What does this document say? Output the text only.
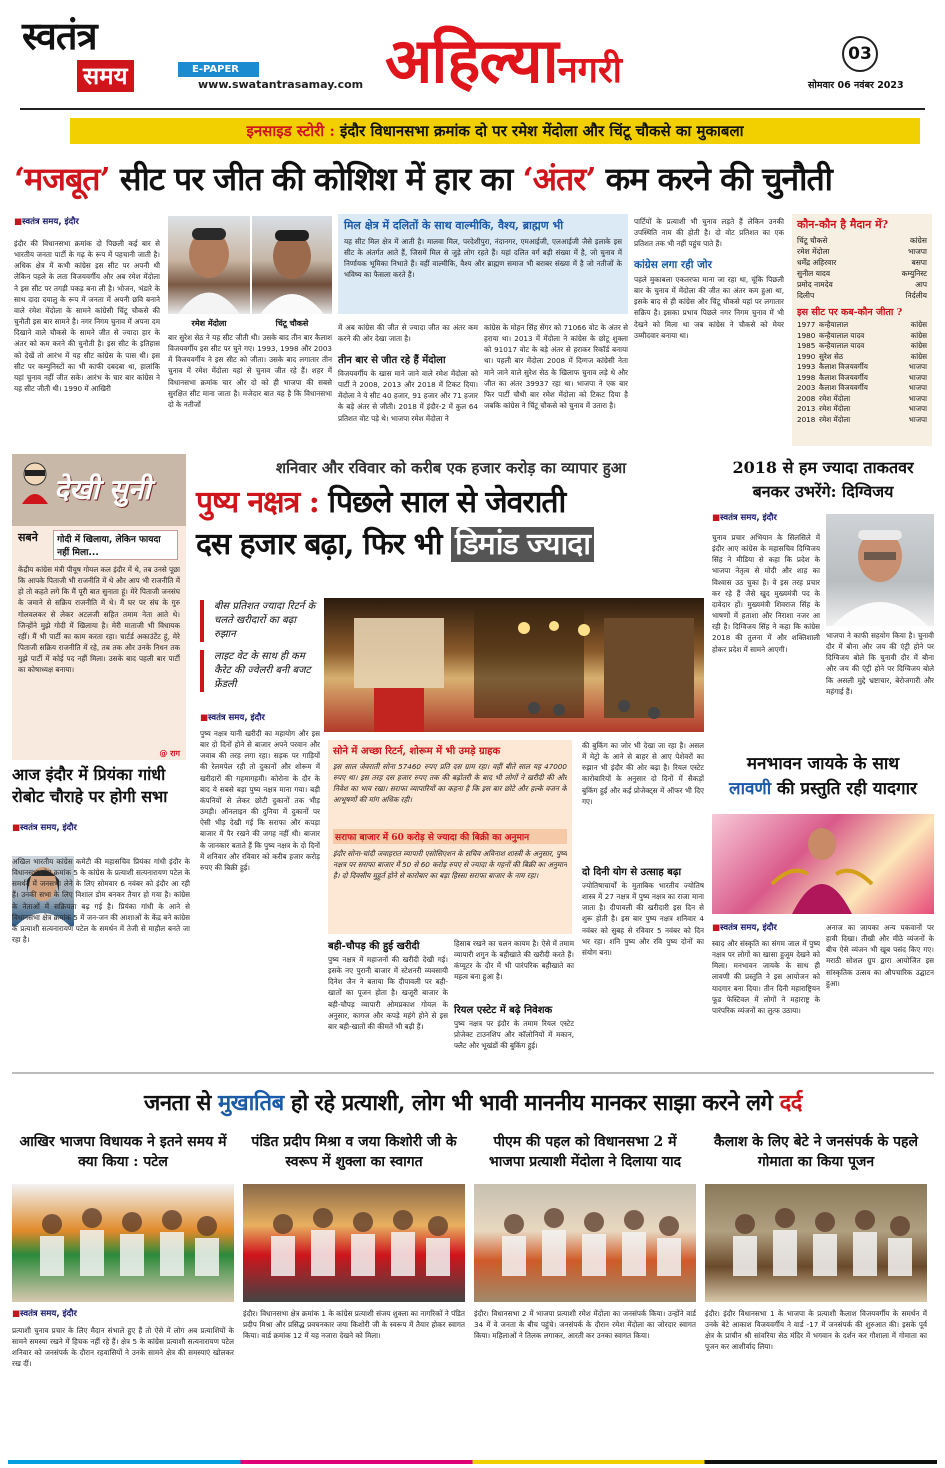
स्वतंत्र
समय	E-PAPER
www.swatantrasamay.com अहिल्यानगरी	03
सोमवार 06 नवंबर 2023
इनसाइड स्टोरी : इंदौर विधानसभा क्रमांक दो पर रमेश मेंदोला और चिंटू चौकसे का मुकाबला
‘मजबूत’ सीट पर जीत की कोशिश में हार का ‘अंतर’ कम करने की चुनौती
■ स्वतंत्र समय, इंदौर
इंदौर की विधानसभा क्रमांक दो पिछली कई बार से भारतीय जनता पार्टी के गढ़ के रूप में पहचानी जाती है। अधिक क्षेत्र में कभी कांग्रेस इस सीट पर अपनी थी लेकिन पहले के लता विजयवर्गीय और अब रमेश मेंदोला ने इस सीट पर तगड़ी पकड़ बना ली है। भोजन, भंडारे के साथ दादा दयालु के रूप में जनता में अपनी छवि बनाने वाले रमेश मेंदोला के सामने कांग्रेसी चिंटू चौकसे की चुनौती इस बार सामने है। नगर निगम चुनाव में अपना दम दिखाने वाले चौकसे के सामने जीत से ज्यादा हार के अंतर को कम करने की चुनौती है। इस सीट के इतिहास को देखें तो आरंभ में यह सीट कांग्रेस के पास थी। इस सीट पर कम्युनिस्टों का भी काफी दबदबा था, हालांकि यहां चुनाव नहीं जीत सके। आरंभ के चार बार कांग्रेस ने यह सीट जीती थी। 1990 में आखिरी
रमेश मेंदोला	चिंटू चौकसे
बार सुरेश सेठ ने यह सीट जीती थी। उसके बाद तीन बार कैलाश विजयवर्गीय इस सीट पर चुने गए। 1993, 1998 और 2003 में विजयवर्गीय ने इस सीट को जीता। उसके बाद लगातार तीन चुनाव में रमेश मेंदोला यहां से चुनाव जीत रहे हैं। शहर में विधानसभा क्रमांक चार और दो को ही भाजपा की सबसे सुरक्षित सीट माना जाता है। मजेदार बात यह है कि विधानसभा दो के नतीजों
मिल क्षेत्र में दलितों के साथ वाल्मीकि, वैश्य, ब्राह्मण भी
यह सीट मिल क्षेत्र में आती है। मालवा मिल, परदेशीपुरा, नंदानगर, एमआईजी, एलआईजी जैसे इलाके इस सीट के अंतर्गत आते हैं, जिसमें मिल से जुड़े लोग रहते हैं। यहां दलित वर्ग बड़ी संख्या में है, जो चुनाव में निर्णायक भूमिका निभाते हैं। वहीं वाल्मीकि, वैश्य और ब्राह्मण समाज भी बराबर संख्या में है जो नतीजों के भविष्य का फैसला करते हैं।
में अब कांग्रेस की जीत से ज्यादा जीत का अंतर कम करने की ओर देखा जाता है।
तीन बार से जीत रहे हैं मेंदोला
विजयवर्गीय के खास माने जाने वाले रमेश मेंदोला को पार्टी ने 2008, 2013 और 2018 में टिकट दिया। मेंदोला ने ये सीट 40 हजार, 91 हजार और 71 हजार के बड़े अंतर से जीती। 2018 में इंदौर-2 में कुल 64 प्रतिशत वोट पड़े थे। भाजपा रमेश मेंदोला ने
कांग्रेस के मोहन सिंह सेंगर को 71066 वोट के अंतर से हराया था। 2013 में मेंदोला ने कांग्रेस के छोटू शुक्ला को 91017 वोट के बड़े अंतर से हराकर रिकॉर्ड बनाया था। पहली बार मेंदोला 2008 में दिग्गज कांग्रेसी नेता माने जाने वाले सुरेश सेठ के खिलाफ चुनाव लड़े थे और जीत का अंतर 39937 रहा था। भाजपा ने एक बार फिर पार्टी चौथी बार रमेश मेंदोला को टिकट दिया है जबकि कांग्रेस ने चिंटू चौकसे को चुनाव में उतारा है।
पार्टियों के प्रत्याशी भी चुनाव लड़ते हैं लेकिन उनकी उपस्थिति नाम की होती है। दो वोट प्रतिशत का एक प्रतिशत तक भी नहीं पहुंच पाते हैं।
कांग्रेस लगा रही जोर
पहले मुकाबला एकतरफा माना जा रहा था, चूंकि पिछली बार के चुनाव में मेंदोला की जीत का अंतर कम हुआ था, इसके बाद से ही कांग्रेस और चिंटू चौकसे यहां पर लगातार सक्रिय है। इसका प्रभाव पिछले नगर निगम चुनाव में भी देखने को मिला था जब कांग्रेस ने चौकसे को मेयर उम्मीदवार बनाया था।
कौन-कौन है मैदान में?
चिंटू चौकसे	कांग्रेस
रमेश मेंदोला	भाजपा
धर्मेंद्र अहिरवार	बसपा
सुनील यादव	कम्युनिस्ट
प्रमोद नामदेव	आप
दिलीप	निर्दलीय
इस सीट पर कब-कौन जीता ?
1977 कन्हैयालाल	कांग्रेस
1980 कन्हैयालाल यादव	कांग्रेस
1985 कन्हैयालाल यादव	कांग्रेस
1990 सुरेश सेठ	कांग्रेस
1993 कैलाश विजयवर्गीय	भाजपा
1998 कैलाश विजयवर्गीय	भाजपा
2003 कैलाश विजयवर्गीय	भाजपा
2008 रमेश मेंदोला	भाजपा
2013 रमेश मेंदोला	भाजपा
2018 रमेश मेंदोला	भाजपा
देखी सुनी
सबने गोदी में खिलाया, लेकिन फायदा नहीं मिला...
केंद्रीय कांग्रेस मंत्री पीयूष गोयल कल इंदौर में थे, तब उनसे पूछा कि आपके पिताजी भी राजनीति में थे और आप भी राजनीति में हो तो कहते लगे कि मैं पूरी बात सुनाता हूं। मेरे पिताजी जनसंघ के जमाने से सक्रिय राजनीति में थे। मैं घर पर संघ के गुरु गोलवलकर से लेकर अटलजी सहित तमाम नेता आते थे। जिन्होंने मुझे गोदी में खिलाया है। मेरी माताजी भी विधायक रहीं। मैं भी पार्टी का काम करता रहा। चार्टर्ड अकाउंटेंट हूं, मेरे पिताजी सक्रिय राजनीति में रहे, तब तक और उनके निधन तक मुझे पार्टी में कोई पद नहीं मिला। उसके बाद पहली बार पार्टी का कोषाध्यक्ष बनाया।
@ राग
आज इंदौर में प्रियंका गांधी रोबोट चौराहे पर होगी सभा
■ स्वतंत्र समय, इंदौर
अखिल भारतीय कांग्रेस कमेटी की महासचिव प्रियंका गांधी इंदौर के विधानसभा क्षेत्र क्रमांक 5 के कांग्रेस के प्रत्याशी सत्यनारायण पटेल के समर्थन में जनसभा लेने के लिए सोमवार 6 नवंबर को इंदौर आ रही हैं। उनकी सभा के लिए विशाल डोम बनकर तैयार हो गया है। कांग्रेस के नेताओं में सक्रियता बढ़ गई है। प्रियंका गांधी के आने से विधानसभा क्षेत्र क्रमांक 5 में जन-जन की आशाओं के केंद्र बने कांग्रेस के प्रत्याशी सत्यनारायण पटेल के समर्थन में तेजी से माहौल बनते जा रहा है।
शनिवार और रविवार को करीब एक हजार करोड़ का व्यापार हुआ
पुष्य नक्षत्र : पिछले साल से जेवराती
दस हजार बढ़ा, फिर भी डिमांड ज्यादा
बीस प्रतिशत ज्यादा रिटर्न के चलते खरीदारों का बढ़ा रुझान
लाइट वेट के साथ ही कम कैरेट की ज्वेलरी बनी बजट फ्रेंडली
■ स्वतंत्र समय, इंदौर
पुष्य नक्षत्र यानी खरीदी का महायोग और इस बार दो दिनों होने से बाजार अपने परवान और जवाब की तरह लगा रहा। सड़क पर गाड़ियों की रेलमपेल रही तो दुकानों और शोरूम में खरीदारों की गहमागहमी। कोरोना के दौर के बाद ये सबसे बड़ा पुष्य नक्षत्र माना गया। बड़ी कंपनियों से लेकर छोटी दुकानों तक भीड़ उमड़ी। ऑनलाइन की दुनिया में दुकानों पर ऐसी भीड़ देखी गई कि सराफा और कपड़ा बाजार में पैर रखने की जगह नहीं थी। बाजार के जानकार बताते हैं कि पुष्य नक्षत्र के दो दिनों में शनिवार और रविवार को करीब हजार करोड़ रुपए की बिक्री हुई।
सोने में अच्छा रिटर्न, शोरूम में भी उमड़े ग्राहक
इस साल जेवराती सोना 57460 रुपए प्रति दस ग्राम रहा। वहीं बीते साल यह 47000 रुपए था। इस तरह दस हजार रुपए तक की बढ़ोतरी के बाद भी लोगों ने खरीदी की और निवेश का भाव रखा। सराफा व्यापारियों का कहना है कि इस बार छोटे और हल्के वजन के आभूषणों की मांग अधिक रही।
सराफा बाजार में 60 करोड़ से ज्यादा की बिक्री का अनुमान
इंदौर सोना-चांदी जवाहरात व्यापारी एसोसिएशन के सचिव अविनाश शास्त्री के अनुसार, पुष्य नक्षत्र पर सराफा बाजार में 50 से 60 करोड़ रुपए से ज्यादा के गहनों की बिक्री का अनुमान है। दो दिवसीय मुहूर्त होने से कारोबार का बड़ा हिस्सा सराफा बाजार के नाम रहा।
की बुकिंग का जोर भी देखा जा रहा है। असल में मेट्रो के आने से बाहर से आए पेशेवरों का रुझान भी इंदौर की ओर बढ़ा है। रियल एस्टेट कारोबारियों के अनुसार दो दिनों में सैकड़ों बुकिंग हुईं और कई प्रोजेक्ट्स में ऑफर भी दिए गए।
दो दिनी योग से उत्साह बढ़ा
ज्योतिषाचार्यों के मुताबिक भारतीय ज्योतिष शास्त्र में 27 नक्षत्र में पुष्य नक्षत्र का राजा माना जाता है। दीपावली की खरीदारी इस दिन से शुरू होती है। इस बार पुष्य नक्षत्र शनिवार 4 नवंबर को सुबह से रविवार 5 नवंबर को दिन भर रहा। शनि पुष्य और रवि पुष्य दोनों का संयोग बना।
बही-चौपड़ की हुई खरीदी
पुष्य नक्षत्र में महाजनों की खरीदी देखी गई। इसके नए पुरानी बाजार में स्टेशनरी व्यवसायी दिनेश जैन ने बताया कि दीपावली पर बही-खातों का पूजन होता है। खजूरी बाजार के बही-चौपड़ व्यापारी ओमप्रकाश गोयल के अनुसार, कागज और कपड़े महंगे होने से इस बार बही-खातों की कीमतें भी बढ़ी हैं।
हिसाब रखने का चलन कायम है। ऐसे में तमाम व्यापारी शगुन के बहीखाते की खरीदी करते हैं। कंप्यूटर के दौर में भी पारंपरिक बहीखाते का महत्व बना हुआ है।
रियल एस्टेट में बढ़े निवेशक
पुष्य नक्षत्र पर इंदौर के तमाम रियल एस्टेट प्रोजेक्ट टाउनशिप और कॉलोनियों में मकान, फ्लैट और भूखंडों की बुकिंग हुई।
2018 से हम ज्यादा ताकतवर बनकर उभरेंगे: दिग्विजय
■ स्वतंत्र समय, इंदौर
चुनाव प्रचार अभियान के सिलसिले में इंदौर आए कांग्रेस के महासचिव दिग्विजय सिंह ने मीडिया से कहा कि प्रदेश के भाजपा नेतृत्व से मोदी और शाह का विश्वास उठ चुका है। वे इस तरह प्रचार कर रहे हैं जैसे खुद मुख्यमंत्री पद के दावेदार हों। मुख्यमंत्री शिवराज सिंह के भाषणों में हताशा और निराशा नजर आ रही है। दिग्विजय सिंह ने कहा कि कांग्रेस 2018 की तुलना में और शक्तिशाली होकर प्रदेश में सामने आएगी।
भाजपा ने काफी सहयोग किया है। चुनावी दौर में बौना और जय की एंट्री होने पर दिग्विजय बोले कि चुनावी दौर में बौना और जय की एंट्री होने पर दिग्विजय बोले कि असली मुद्दे भ्रष्टाचार, बेरोजगारी और महंगाई हैं।
मनभावन जायके के साथ
लावणी की प्रस्तुति रही यादगार
■ स्वतंत्र समय, इंदौर
स्वाद और संस्कृति का संगम जाल में पुष्य नक्षत्र पर लोगों का खासा हुजूम देखने को मिला। मनभावन जायके के साथ ही लावणी की प्रस्तुति ने इस आयोजन को यादगार बना दिया। तीन दिनी महाराष्ट्रियन फूड फेस्टिवल में लोगों ने महाराष्ट्र के पारंपरिक व्यंजनों का लुत्फ उठाया।
अनाज का जायका अन्य पकवानों पर हावी दिखा। तीखी और मीठे व्यंजनों के बीच ऐसे व्यंजन भी खूब पसंद किए गए। मराठी सोशल ग्रुप द्वारा आयोजित इस सांस्कृतिक उत्सव का औपचारिक उद्घाटन हुआ।
जनता से मुखातिब हो रहे प्रत्याशी, लोग भी भावी माननीय मानकर साझा करने लगे दर्द
आखिर भाजपा विधायक ने इतने समय में क्या किया : पटेल
■ स्वतंत्र समय, इंदौर
प्रत्याशी चुनाव प्रचार के लिए मैदान संभाले हुए हैं तो ऐसे में लोग अब प्रत्याशियों के सामने समस्या रखने में हिचक नहीं रहे हैं। क्षेत्र 5 के कांग्रेस प्रत्याशी सत्यनारायण पटेल शनिवार को जनसंपर्क के दौरान रहवासियों ने उनके सामने क्षेत्र की समस्याएं खोलकर रख दीं।
पंडित प्रदीप मिश्रा व जया किशोरी जी के स्वरूप में शुक्ला का स्वागत
इंदौर। विधानसभा क्षेत्र क्रमांक 1 के कांग्रेस प्रत्याशी संजय शुक्ला का नागरिकों ने पंडित प्रदीप मिश्रा और प्रसिद्ध प्रवचनकार जया किशोरी जी के स्वरूप में तैयार होकर स्वागत किया। वार्ड क्रमांक 12 में यह नजारा देखने को मिला।
पीएम की पहल को विधानसभा 2 में भाजपा प्रत्याशी मेंदोला ने दिलाया याद
इंदौर। विधानसभा 2 में भाजपा प्रत्याशी रमेश मेंदोला का जनसंपर्क किया। उन्होंने वार्ड 34 में वे जनता के बीच पहुंचे। जनसंपर्क के दौरान रमेश मेंदोला का जोरदार स्वागत किया। महिलाओं ने तिलक लगाकर, आरती कर उनका स्वागत किया।
कैलाश के लिए बेटे ने जनसंपर्क के पहले गोमाता का किया पूजन
इंदौर। इंदौर विधानसभा 1 के भाजपा के प्रत्याशी कैलाश विजयवर्गीय के समर्थन में उनके बेटे आकाश विजयवर्गीय ने वार्ड -17 में जनसंपर्क की शुरुआत की। इसके पूर्व क्षेत्र के प्राचीन श्री सांवरिया सेठ मंदिर में भगवान के दर्शन कर गौशाला में गोमाता का पूजन कर आशीर्वाद लिया।
